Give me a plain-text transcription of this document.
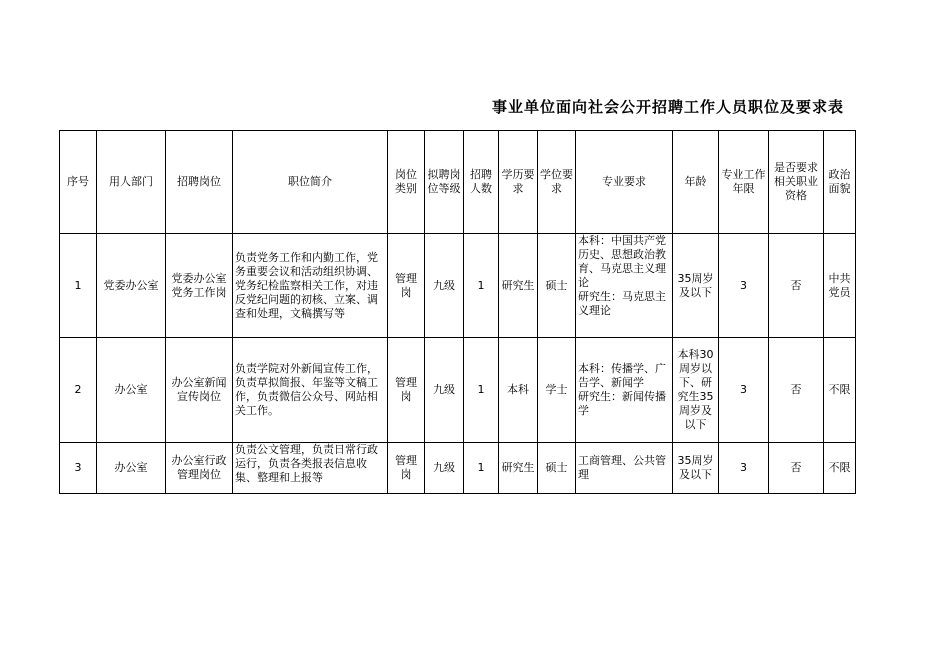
事业单位面向社会公开招聘工作人员职位及要求表
序号	用人部门	招聘岗位	职位简介	岗位类别	拟聘岗位等级	招聘人数	学历要求	学位要求	专业要求	年龄	专业工作年限	是否要求相关职业资格	政治面貌
1	党委办公室	党委办公室党务工作岗	负责党务工作和内勤工作，党务重要会议和活动组织协调、党务纪检监察相关工作，对违反党纪问题的初核、立案、调查和处理，文稿撰写等	管理岗	九级	1	研究生	硕士	本科：中国共产党历史、思想政治教育、马克思主义理论
研究生：马克思主义理论	35周岁及以下	3	否	中共党员
2	办公室	办公室新闻宣传岗位	负责学院对外新闻宣传工作，负责草拟简报、年鉴等文稿工作，负责微信公众号、网站相关工作。	管理岗	九级	1	本科	学士	本科：传播学、广告学、新闻学
研究生：新闻传播学	本科30周岁以下、研究生35周岁及以下	3	否	不限
3	办公室	办公室行政管理岗位	负责公文管理，负责日常行政运行，负责各类报表信息收集、整理和上报等	管理岗	九级	1	研究生	硕士	工商管理、公共管理	35周岁及以下	3	否	不限
